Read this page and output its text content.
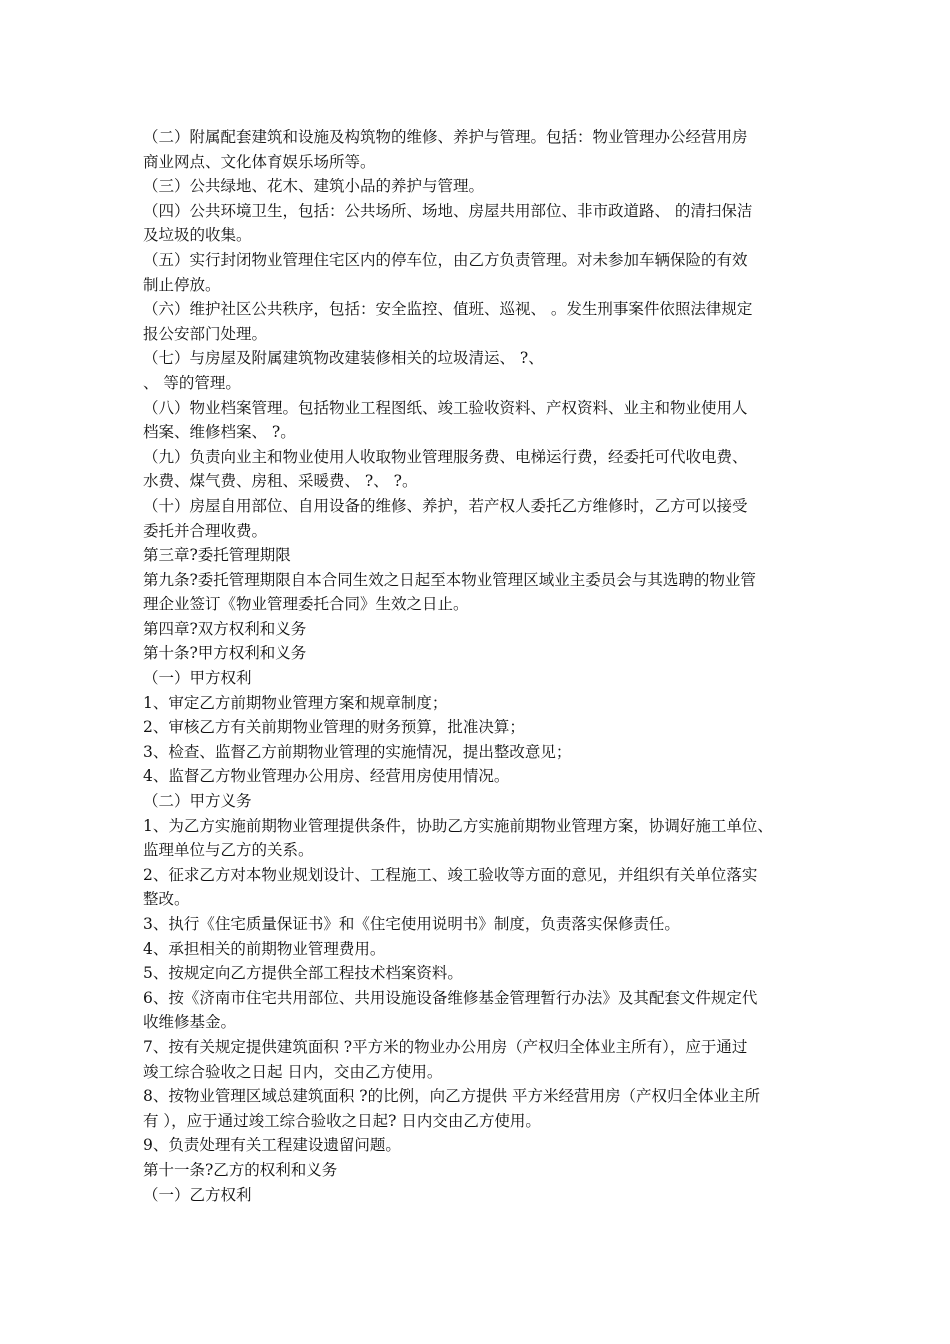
（二）附属配套建筑和设施及构筑物的维修、养护与管理。包括：物业管理办公经营用房
商业网点、文化体育娱乐场所等。
（三）公共绿地、花木、建筑小品的养护与管理。
（四）公共环境卫生，包括：公共场所、场地、房屋共用部位、非市政道路、 的清扫保洁
及垃圾的收集。
（五）实行封闭物业管理住宅区内的停车位，由乙方负责管理。对未参加车辆保险的有效
制止停放。
（六）维护社区公共秩序，包括：安全监控、值班、巡视、 。发生刑事案件依照法律规定
报公安部门处理。
（七）与房屋及附属建筑物改建装修相关的垃圾清运、 ?、
、 等的管理。
（八）物业档案管理。包括物业工程图纸、竣工验收资料、产权资料、业主和物业使用人
档案、维修档案、 ?。
（九）负责向业主和物业使用人收取物业管理服务费、电梯运行费，经委托可代收电费、
水费、煤气费、房租、采暖费、 ?、 ?。
（十）房屋自用部位、自用设备的维修、养护，若产权人委托乙方维修时，乙方可以接受
委托并合理收费。
第三章?委托管理期限
第九条?委托管理期限自本合同生效之日起至本物业管理区域业主委员会与其选聘的物业管
理企业签订《物业管理委托合同》生效之日止。
第四章?双方权利和义务
第十条?甲方权利和义务
（一）甲方权利
1、审定乙方前期物业管理方案和规章制度；
2、审核乙方有关前期物业管理的财务预算，批准决算；
3、检查、监督乙方前期物业管理的实施情况，提出整改意见；
4、监督乙方物业管理办公用房、经营用房使用情况。
（二）甲方义务
1、为乙方实施前期物业管理提供条件，协助乙方实施前期物业管理方案，协调好施工单位、
监理单位与乙方的关系。
2、征求乙方对本物业规划设计、工程施工、竣工验收等方面的意见，并组织有关单位落实
整改。
3、执行《住宅质量保证书》和《住宅使用说明书》制度，负责落实保修责任。
4、承担相关的前期物业管理费用。
5、按规定向乙方提供全部工程技术档案资料。
6、按《济南市住宅共用部位、共用设施设备维修基金管理暂行办法》及其配套文件规定代
收维修基金。
7、按有关规定提供建筑面积 ?平方米的物业办公用房（产权归全体业主所有），应于通过
竣工综合验收之日起 日内，交由乙方使用。
8、按物业管理区域总建筑面积 ?的比例，向乙方提供 平方米经营用房（产权归全体业主所
有 ），应于通过竣工综合验收之日起? 日内交由乙方使用。
9、负责处理有关工程建设遗留问题。
第十一条?乙方的权利和义务
（一）乙方权利
